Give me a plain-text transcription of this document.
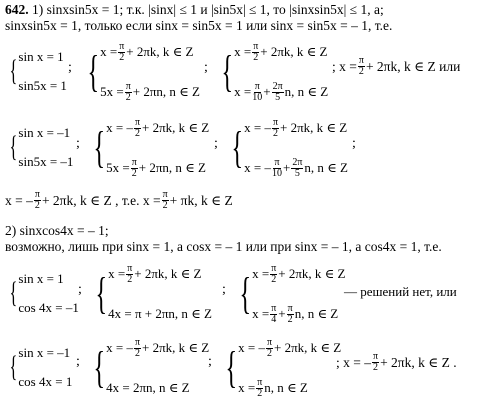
642. 1) sinxsin5x = 1; т.к. |sinx| ≤ 1 и |sin5x| ≤ 1, то |sinxsin5x| ≤ 1, а;
sinxsin5x = 1, только если sinx = sin5x = 1 или sinx = sin5x = – 1, т.е.
{ sin x = 1
sin5x = 1
; { $x = \frac{\pi}{2} + 2\pi k$, k ∈ Z
$5x = \frac{\pi}{2} + 2\pi n$, n ∈ Z
; { $x = \frac{\pi}{2} + 2\pi k$, k ∈ Z
$x = \frac{\pi}{10} + \frac{2\pi}{5} n$, n ∈ Z
; $x = \frac{\pi}{2} + 2\pi k$, k ∈ Z или
{ sin x = –1
sin5x = –1
; { x = – π
2 + 2πk, k ∈ Z
$5x = \frac{\pi}{2} + 2\pi n$, n ∈ Z
; { x = – π
2 + 2πk, k ∈ Z
x = – π
$10 + \frac{2\pi}{5} n$, n ∈ Z
;
x = – π
2 + 2πk, k ∈ Z , т.е. $x = \frac{\pi}{2} + \pi k$, k ∈ Z
2) sinxcos4x = – 1;
возможно, лишь при sinx = 1, а cosx = – 1 или при sinx = – 1, а cos4x = 1, т.е.
{ sin x = 1
cos 4x = –1
; { $x = \frac{\pi}{2} + 2\pi k$, k ∈ Z
4x = π + 2πn, n ∈ Z
; { $x = \frac{\pi}{2} + 2\pi k$, k ∈ Z
$x = \frac{\pi}{4} + \frac{\pi}{2} n$, n ∈ Z
— решений нет, или
{ sin x = –1
cos 4x = 1
; { x = – π
2 + 2πk, k ∈ Z
4x = 2πn, n ∈ Z
; { x = – π
2 + 2πk, k ∈ Z
$x = \frac{\pi}{2} n$, n ∈ Z
; x = – π
2 + 2πk, k ∈ Z .
